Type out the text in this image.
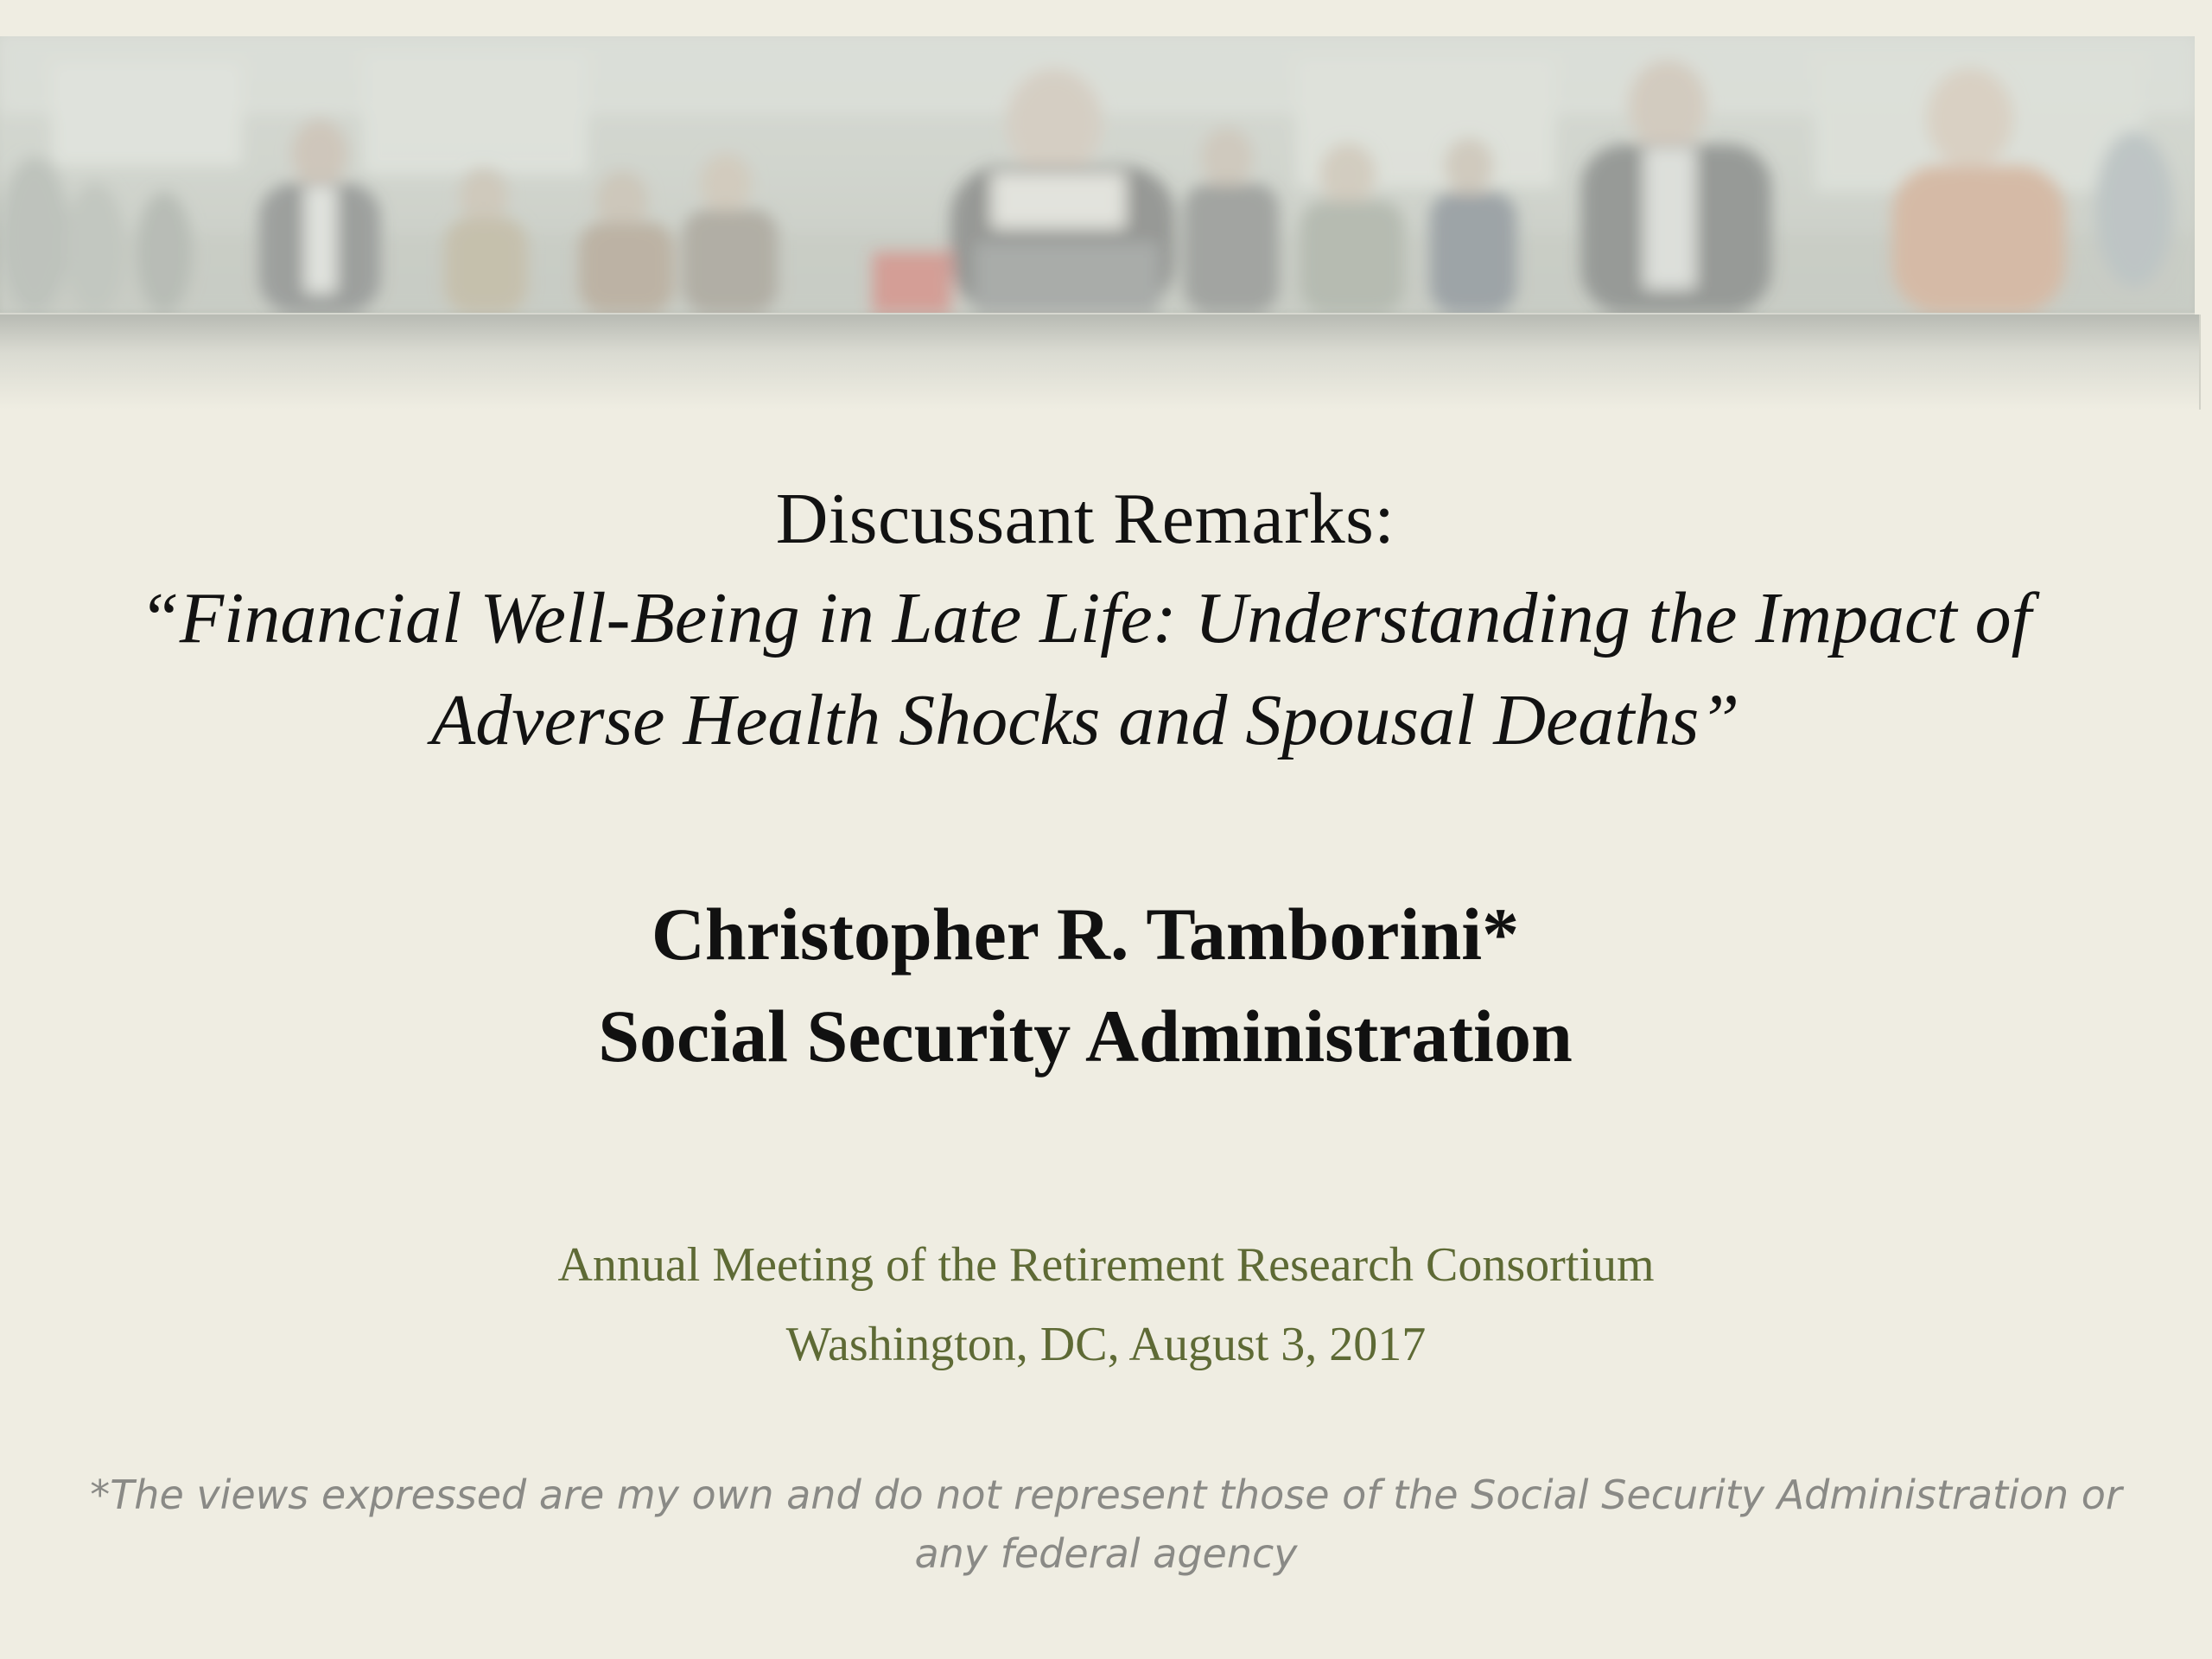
Discussant Remarks:

“Financial Well-Being in Late Life: Understanding the Impact of

Adverse Health Shocks and Spousal Deaths”

Christopher R. Tamborini*
Social Security Administration
Annual Meeting of the Retirement Research Consortium
Washington, DC, August 3, 2017
*The views expressed are my own and do not represent those of the Social Security Administration or any federal agency
